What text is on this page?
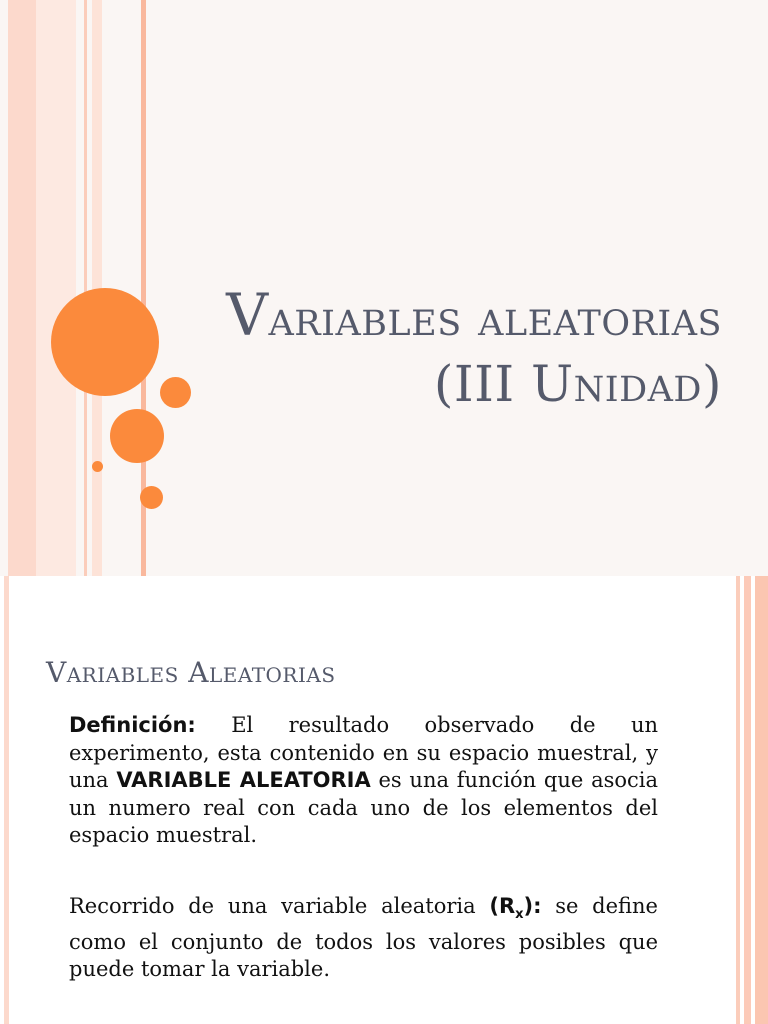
Variables aleatorias
(III Unidad)
Variables Aleatorias

Definición: El resultado observado de un experimento, esta contenido en su espacio muestral, y una VARIABLE ALEATORIA es una función que asocia un numero real con cada uno de los elementos del espacio muestral.

Recorrido de una variable aleatoria $(R_x)$: se define como el conjunto de todos los valores posibles que puede tomar la variable.
